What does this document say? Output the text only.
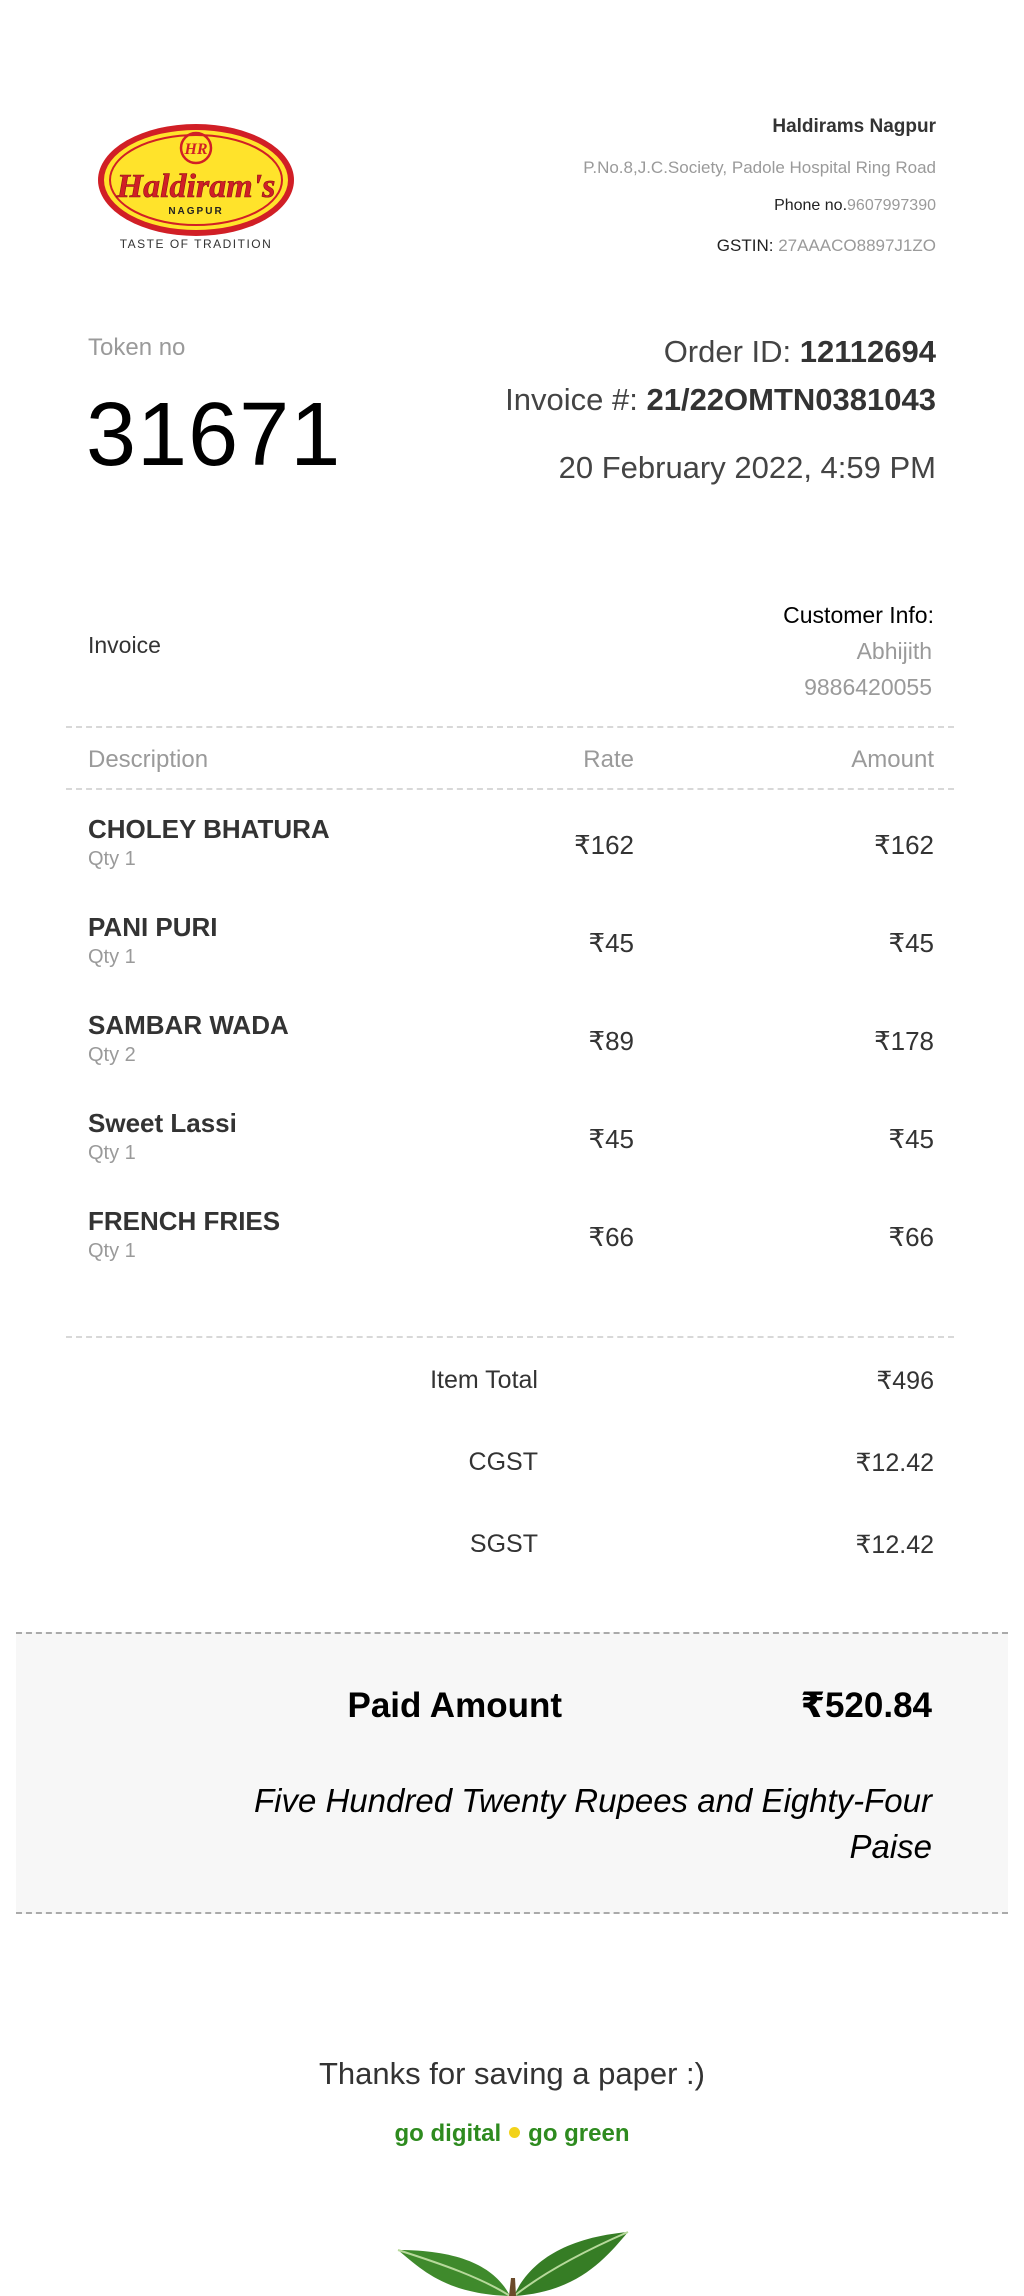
HR
Haldiram's
NAGPUR
TASTE OF TRADITION
Haldirams Nagpur
P.No.8,J.C.Society, Padole Hospital Ring Road
Phone no.9607997390
GSTIN: 27AAACO8897J1ZO
Token no
31671
Order ID: 12112694
Invoice #: 21/22OMTN0381043
20 February 2022, 4:59 PM
Invoice
Customer Info:
Abhijith
9886420055
Description	Rate	Amount
CHOLEY BHATURA
Qty 1	₹162	₹162
PANI PURI
Qty 1	₹45	₹45
SAMBAR WADA
Qty 2	₹89	₹178
Sweet Lassi
Qty 1	₹45	₹45
FRENCH FRIES
Qty 1	₹66	₹66
Item Total	₹496
CGST	₹12.42
SGST	₹12.42
Paid Amount	₹520.84
Five Hundred Twenty Rupees and Eighty-Four Paise
Thanks for saving a paper :)
go digital go green
